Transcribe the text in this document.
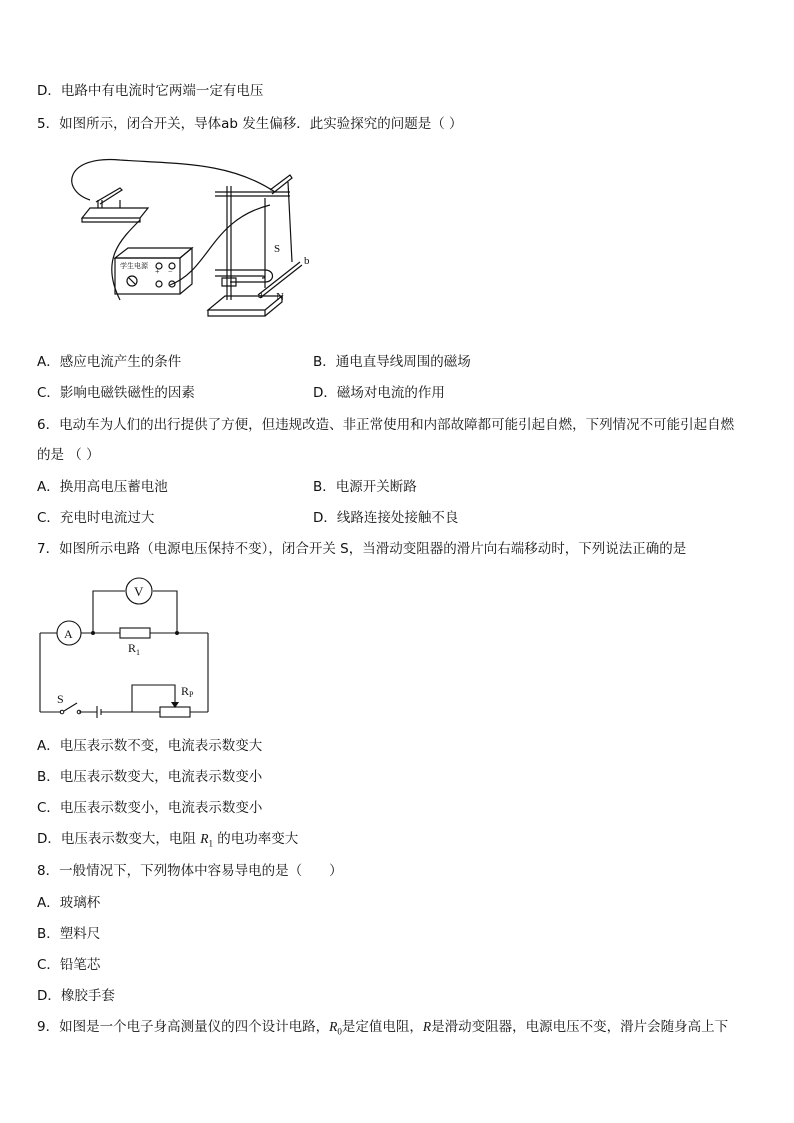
D．电路中有电流时它两端一定有电压
5．如图所示，闭合开关，导体ab 发生偏移．此实验探究的问题是（ ）
学生电源
+ −
S
b
a N
A．感应电流产生的条件	B．通电直导线周围的磁场
C．影响电磁铁磁性的因素	D．磁场对电流的作用
6．电动车为人们的出行提供了方便，但违规改造、非正常使用和内部故障都可能引起自燃，下列情况不可能引起自燃
的是 （ ）
A．换用高电压蓄电池	B．电源开关断路
C．充电时电流过大	D．线路连接处接触不良
7．如图所示电路（电源电压保持不变），闭合开关 S，当滑动变阻器的滑片向右端移动时，下列说法正确的是
V
A
$R_1$
S
RP
A．电压表示数不变，电流表示数变大
B．电压表示数变大，电流表示数变小
C．电压表示数变小，电流表示数变小
D．电压表示数变大，电阻 $R_1$ 的电功率变大
8．一般情况下，下列物体中容易导电的是（　　）
A．玻璃杯
B．塑料尺
C．铅笔芯
D．橡胶手套
9．如图是一个电子身高测量仪的四个设计电路，$R_0$是定值电阻，R是滑动变阻器，电源电压不变，滑片会随身高上下
